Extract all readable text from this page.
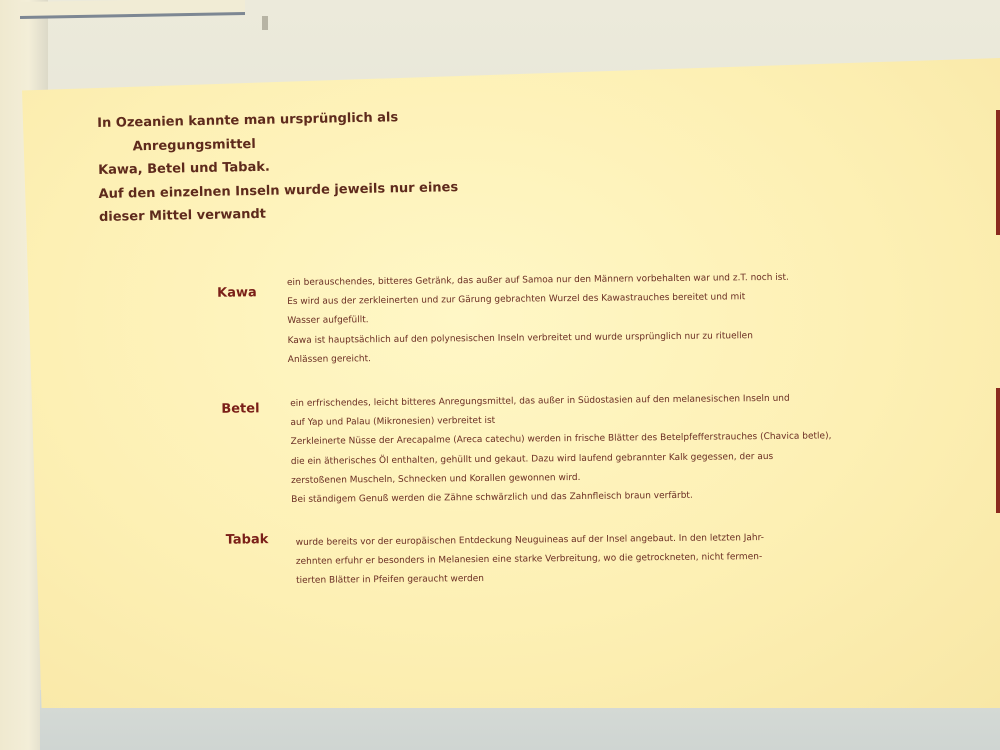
In Ozeanien kannte man ursprünglich als
Anregungsmittel
Kawa, Betel und Tabak.
Auf den einzelnen Inseln wurde jeweils nur eines
dieser Mittel verwandt
Kawa
ein berauschendes, bitteres Getränk, das außer auf Samoa nur den Männern vorbehalten war und z.T. noch ist.
Es wird aus der zerkleinerten und zur Gärung gebrachten Wurzel des Kawastrauches bereitet und mit
Wasser aufgefüllt.
Kawa ist hauptsächlich auf den polynesischen Inseln verbreitet und wurde ursprünglich nur zu rituellen
Anlässen gereicht.
Betel	ein erfrischendes, leicht bitteres Anregungsmittel, das außer in Südostasien auf den melanesischen Inseln und
auf Yap und Palau (Mikronesien) verbreitet ist
Zerkleinerte Nüsse der Arecapalme (Areca catechu) werden in frische Blätter des Betelpfefferstrauches (Chavica betle),
die ein ätherisches Öl enthalten, gehüllt und gekaut. Dazu wird laufend gebrannter Kalk gegessen, der aus
zerstoßenen Muscheln, Schnecken und Korallen gewonnen wird.
Bei ständigem Genuß werden die Zähne schwärzlich und das Zahnfleisch braun verfärbt.
Tabak	wurde bereits vor der europäischen Entdeckung Neuguineas auf der Insel angebaut. In den letzten Jahr-
zehnten erfuhr er besonders in Melanesien eine starke Verbreitung, wo die getrockneten, nicht fermen-
tierten Blätter in Pfeifen geraucht werden
